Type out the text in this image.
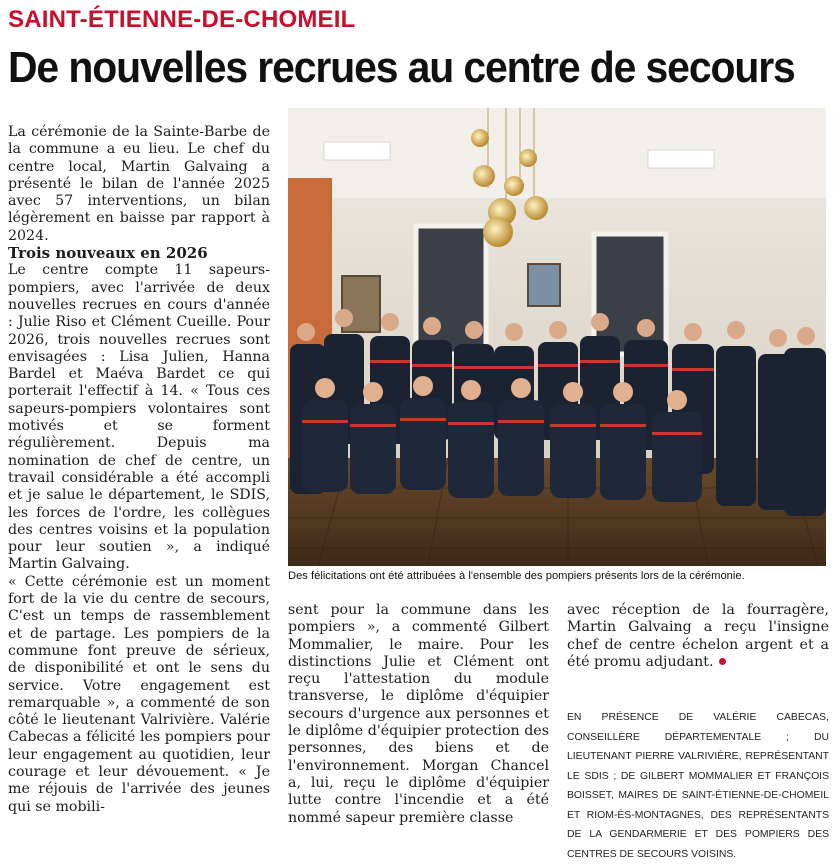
SAINT-ÉTIENNE-DE-CHOMEIL
De nouvelles recrues au centre de secours

La cérémonie de la Sainte-Barbe de la commune a eu lieu. Le chef du centre local, Martin Galvaing a présenté le bilan de l'année 2025 avec 57 interventions, un bilan légèrement en baisse par rapport à 2024.

Trois nouveaux en 2026

Le centre compte 11 sapeurs-pompiers, avec l'arrivée de deux nouvelles recrues en cours d'année : Julie Riso et Clément Cueille. Pour 2026, trois nouvelles recrues sont envisagées : Lisa Julien, Hanna Bardel et Maéva Bardet ce qui porterait l'effectif à 14. « Tous ces sapeurs-pompiers volontaires sont motivés et se forment régulièrement. Depuis ma nomination de chef de centre, un travail considérable a été accompli et je salue le département, le SDIS, les forces de l'ordre, les collègues des centres voisins et la population pour leur soutien », a indiqué Martin Galvaing.

« Cette cérémonie est un moment fort de la vie du centre de secours, C'est un temps de rassemblement et de partage. Les pompiers de la commune font preuve de sérieux, de disponibilité et ont le sens du service. Votre engagement est remarquable », a commenté de son côté le lieutenant Valrivière. Valérie Cabecas a félicité les pompiers pour leur engagement au quotidien, leur courage et leur dévouement. « Je me réjouis de l'arrivée des jeunes qui se mobili-

Des félicitations ont été attribuées à l'ensemble des pompiers présents lors de la cérémonie.

sent pour la commune dans les pompiers », a commenté Gilbert Mommalier, le maire. Pour les distinctions Julie et Clément ont reçu l'attestation du module transverse, le diplôme d'équipier secours d'urgence aux personnes et le diplôme d'équipier protection des personnes, des biens et de l'environnement. Morgan Chancel a, lui, reçu le diplôme d'équipier lutte contre l'incendie et a été nommé sapeur première classe

avec réception de la fourragère, Martin Galvaing a reçu l'insigne chef de centre échelon argent et a été promu adjudant.

EN PRÉSENCE DE VALÉRIE CABECAS, CONSEILLÈRE DÉPARTEMENTALE ; DU LIEUTENANT PIERRE VALRIVIÈRE, REPRÉSENTANT LE SDIS ; DE GILBERT MOMMALIER ET FRANÇOIS BOISSET, MAIRES DE SAINT-ÉTIENNE-DE-CHOMEIL ET RIOM-ÈS-MONTAGNES, DES REPRÉSENTANTS DE LA GENDARMERIE ET DES POMPIERS DES CENTRES DE SECOURS VOISINS.
